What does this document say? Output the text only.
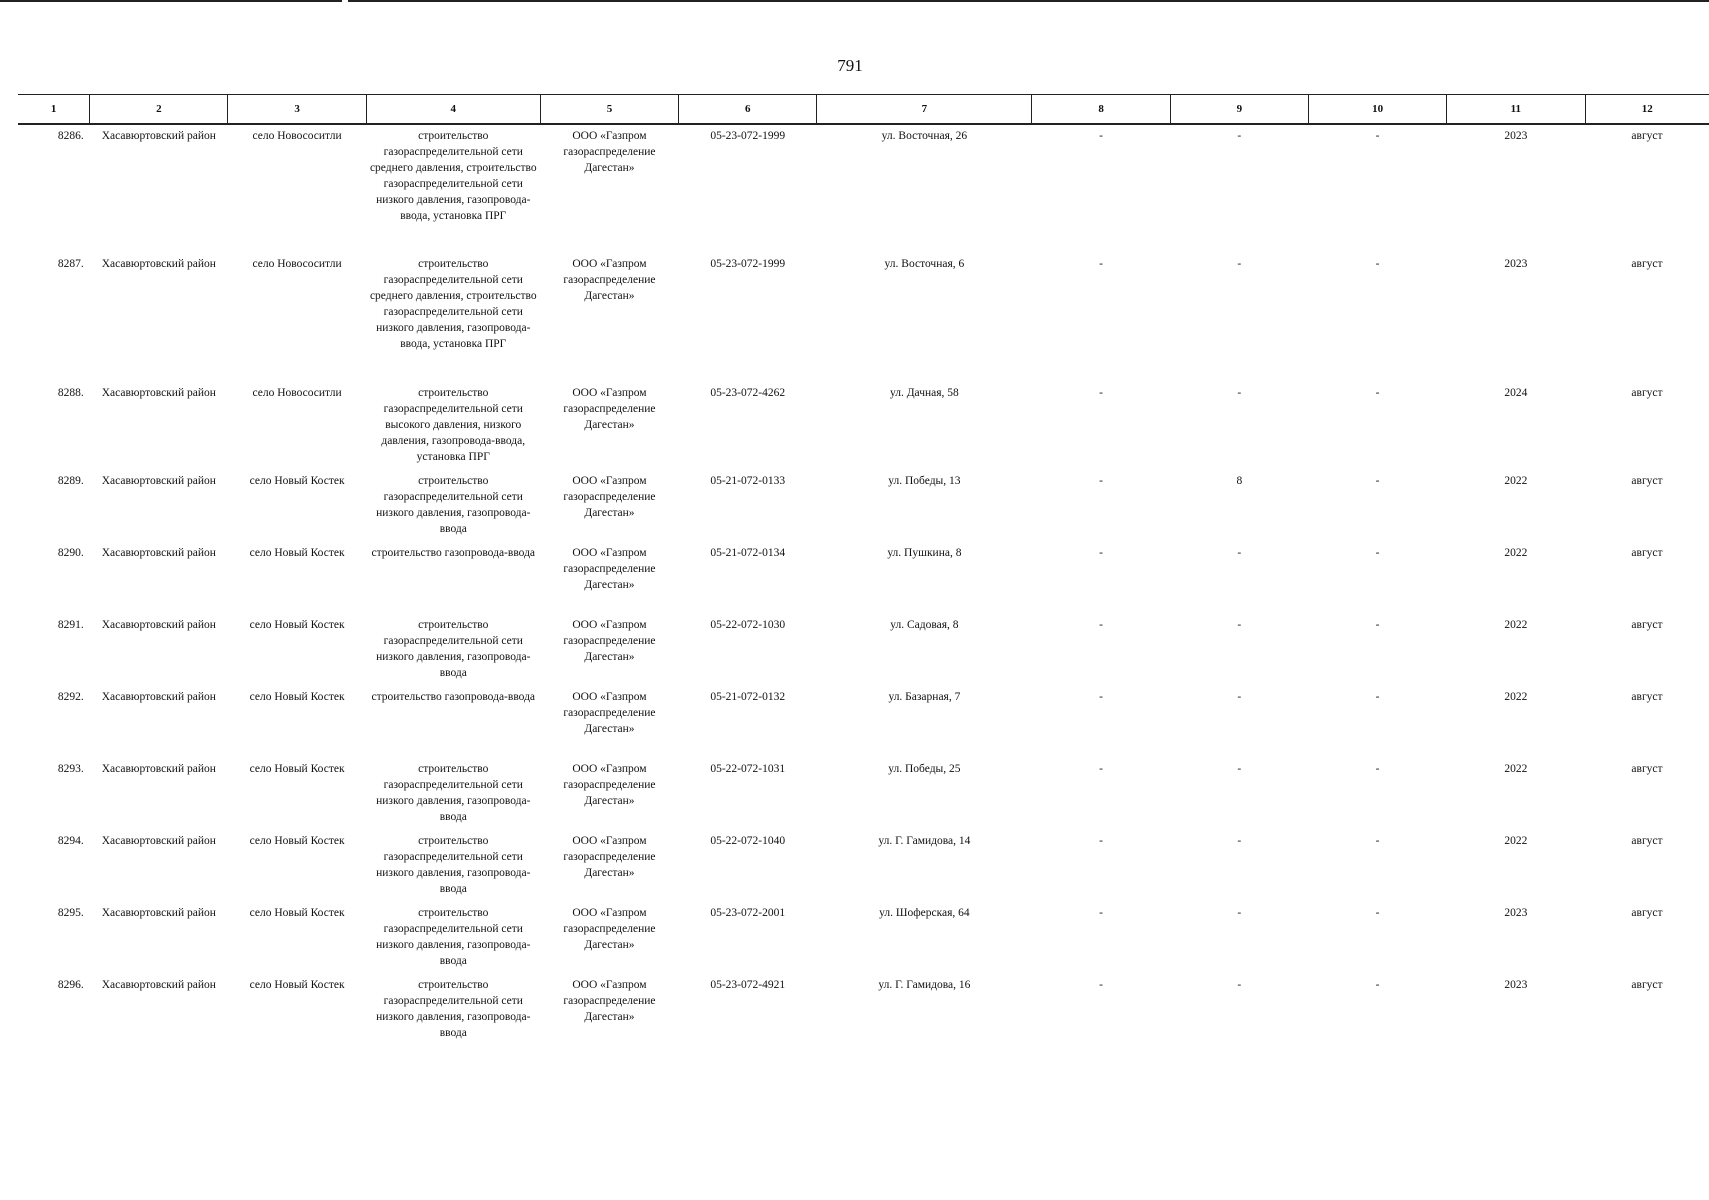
791
1	2	3	4	5	6	7	8	9	10	11	12
8286.	Хасавюртовский район	село Новососитли	строительство газораспределительной сети среднего давления, строительство газораспределительной сети низкого давления, газопровода-ввода, установка ПРГ	ООО «Газпром газораспределение Дагестан»	05-23-072-1999	ул. Восточная, 26	-	-	-	2023	август
8287.	Хасавюртовский район	село Новососитли	строительство газораспределительной сети среднего давления, строительство газораспределительной сети низкого давления, газопровода-ввода, установка ПРГ	ООО «Газпром газораспределение Дагестан»	05-23-072-1999	ул. Восточная, 6	-	-	-	2023	август
8288.	Хасавюртовский район	село Новососитли	строительство газораспределительной сети высокого давления, низкого давления, газопровода-ввода, установка ПРГ	ООО «Газпром газораспределение Дагестан»	05-23-072-4262	ул. Дачная, 58	-	-	-	2024	август
8289.	Хасавюртовский район	село Новый Костек	строительство газораспределительной сети низкого давления, газопровода-ввода	ООО «Газпром газораспределение Дагестан»	05-21-072-0133	ул. Победы, 13	-	8	-	2022	август
8290.	Хасавюртовский район	село Новый Костек	строительство газопровода-ввода	ООО «Газпром газораспределение Дагестан»	05-21-072-0134	ул. Пушкина, 8	-	-	-	2022	август
8291.	Хасавюртовский район	село Новый Костек	строительство газораспределительной сети низкого давления, газопровода-ввода	ООО «Газпром газораспределение Дагестан»	05-22-072-1030	ул. Садовая, 8	-	-	-	2022	август
8292.	Хасавюртовский район	село Новый Костек	строительство газопровода-ввода	ООО «Газпром газораспределение Дагестан»	05-21-072-0132	ул. Базарная, 7	-	-	-	2022	август
8293.	Хасавюртовский район	село Новый Костек	строительство газораспределительной сети низкого давления, газопровода-ввода	ООО «Газпром газораспределение Дагестан»	05-22-072-1031	ул. Победы, 25	-	-	-	2022	август
8294.	Хасавюртовский район	село Новый Костек	строительство газораспределительной сети низкого давления, газопровода-ввода	ООО «Газпром газораспределение Дагестан»	05-22-072-1040	ул. Г. Гамидова, 14	-	-	-	2022	август
8295.	Хасавюртовский район	село Новый Костек	строительство газораспределительной сети низкого давления, газопровода-ввода	ООО «Газпром газораспределение Дагестан»	05-23-072-2001	ул. Шоферская, 64	-	-	-	2023	август
8296.	Хасавюртовский район	село Новый Костек	строительство газораспределительной сети низкого давления, газопровода-ввода	ООО «Газпром газораспределение Дагестан»	05-23-072-4921	ул. Г. Гамидова, 16	-	-	-	2023	август
